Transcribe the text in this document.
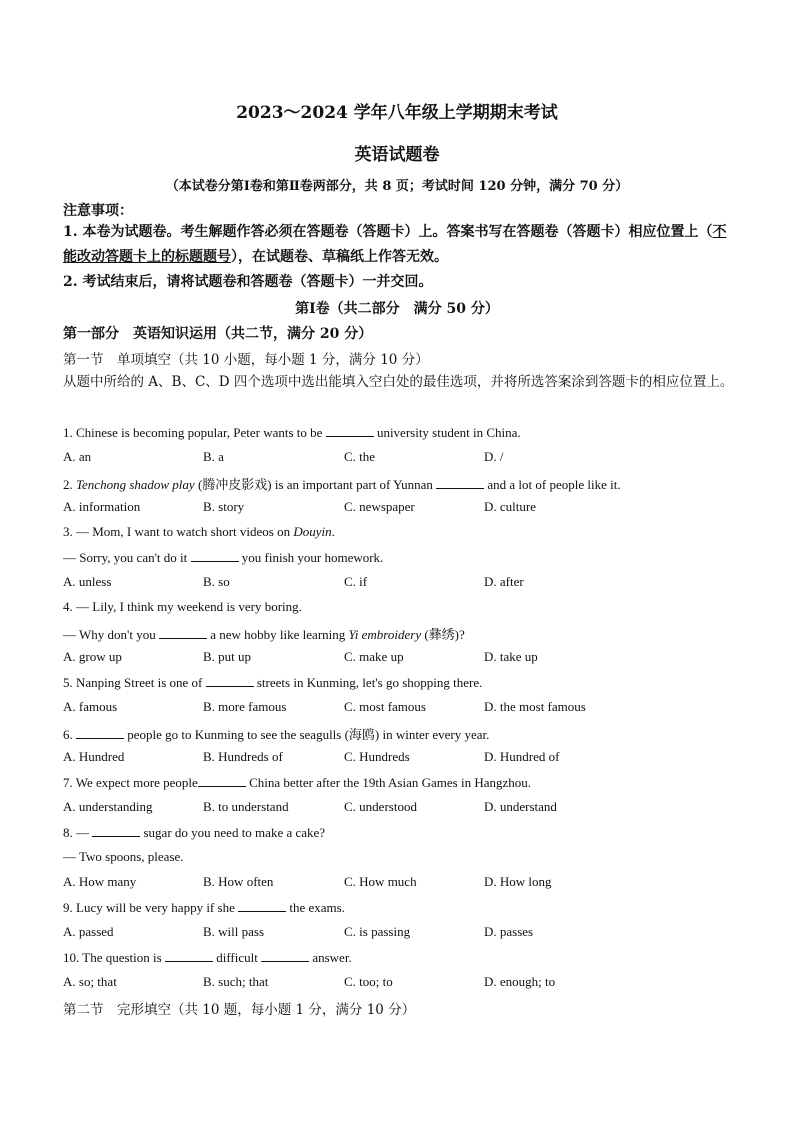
2023～2024 学年八年级上学期期末考试
英语试题卷
（本试卷分第Ⅰ卷和第Ⅱ卷两部分，共 8 页；考试时间 120 分钟，满分 70 分）
注意事项：
1. 本卷为试题卷。考生解题作答必须在答题卷（答题卡）上。答案书写在答题卷（答题卡）相应位置上（不能改动答题卡上的标题题号），在试题卷、草稿纸上作答无效。
2. 考试结束后，请将试题卷和答题卷（答题卡）一并交回。
第Ⅰ卷（共二部分　满分 50 分）
第一部分　英语知识运用（共二节，满分 20 分）
第一节　单项填空（共 10 小题，每小题 1 分，满分 10 分）
从题中所给的 A、B、C、D 四个选项中选出能填入空白处的最佳选项，并将所选答案涂到答题卡的相应位置上。
1. Chinese is becoming popular, Peter wants to be	university student in China.
A. an	B. a	C. the	D. /
2. Tenchong shadow play (腾冲皮影戏) is an important part of Yunnan	and a lot of people like it.
A. information	B. story	C. newspaper	D. culture
3. — Mom, I want to watch short videos on Douyin.
— Sorry, you can't do it	you finish your homework.
A. unless	B. so	C. if	D. after
4. — Lily, I think my weekend is very boring.
— Why don't you	a new hobby like learning Yi embroidery (彝绣)?
A. grow up	B. put up	C. make up	D. take up
5. Nanping Street is one of	streets in Kunming, let's go shopping there.
A. famous	B. more famous	C. most famous	D. the most famous
6.	people go to Kunming to see the seagulls (海鸥) in winter every year.
A. Hundred	B. Hundreds of	C. Hundreds	D. Hundred of
7. We expect more people	China better after the 19th Asian Games in Hangzhou.
A. understanding	B. to understand	C. understood	D. understand
8. —	sugar do you need to make a cake?
— Two spoons, please.
A. How many	B. How often	C. How much	D. How long
9. Lucy will be very happy if she	the exams.
A. passed	B. will pass	C. is passing	D. passes
10. The question is	difficult	answer.
A. so; that	B. such; that	C. too; to	D. enough; to
第二节　完形填空（共 10 题，每小题 1 分，满分 10 分）
